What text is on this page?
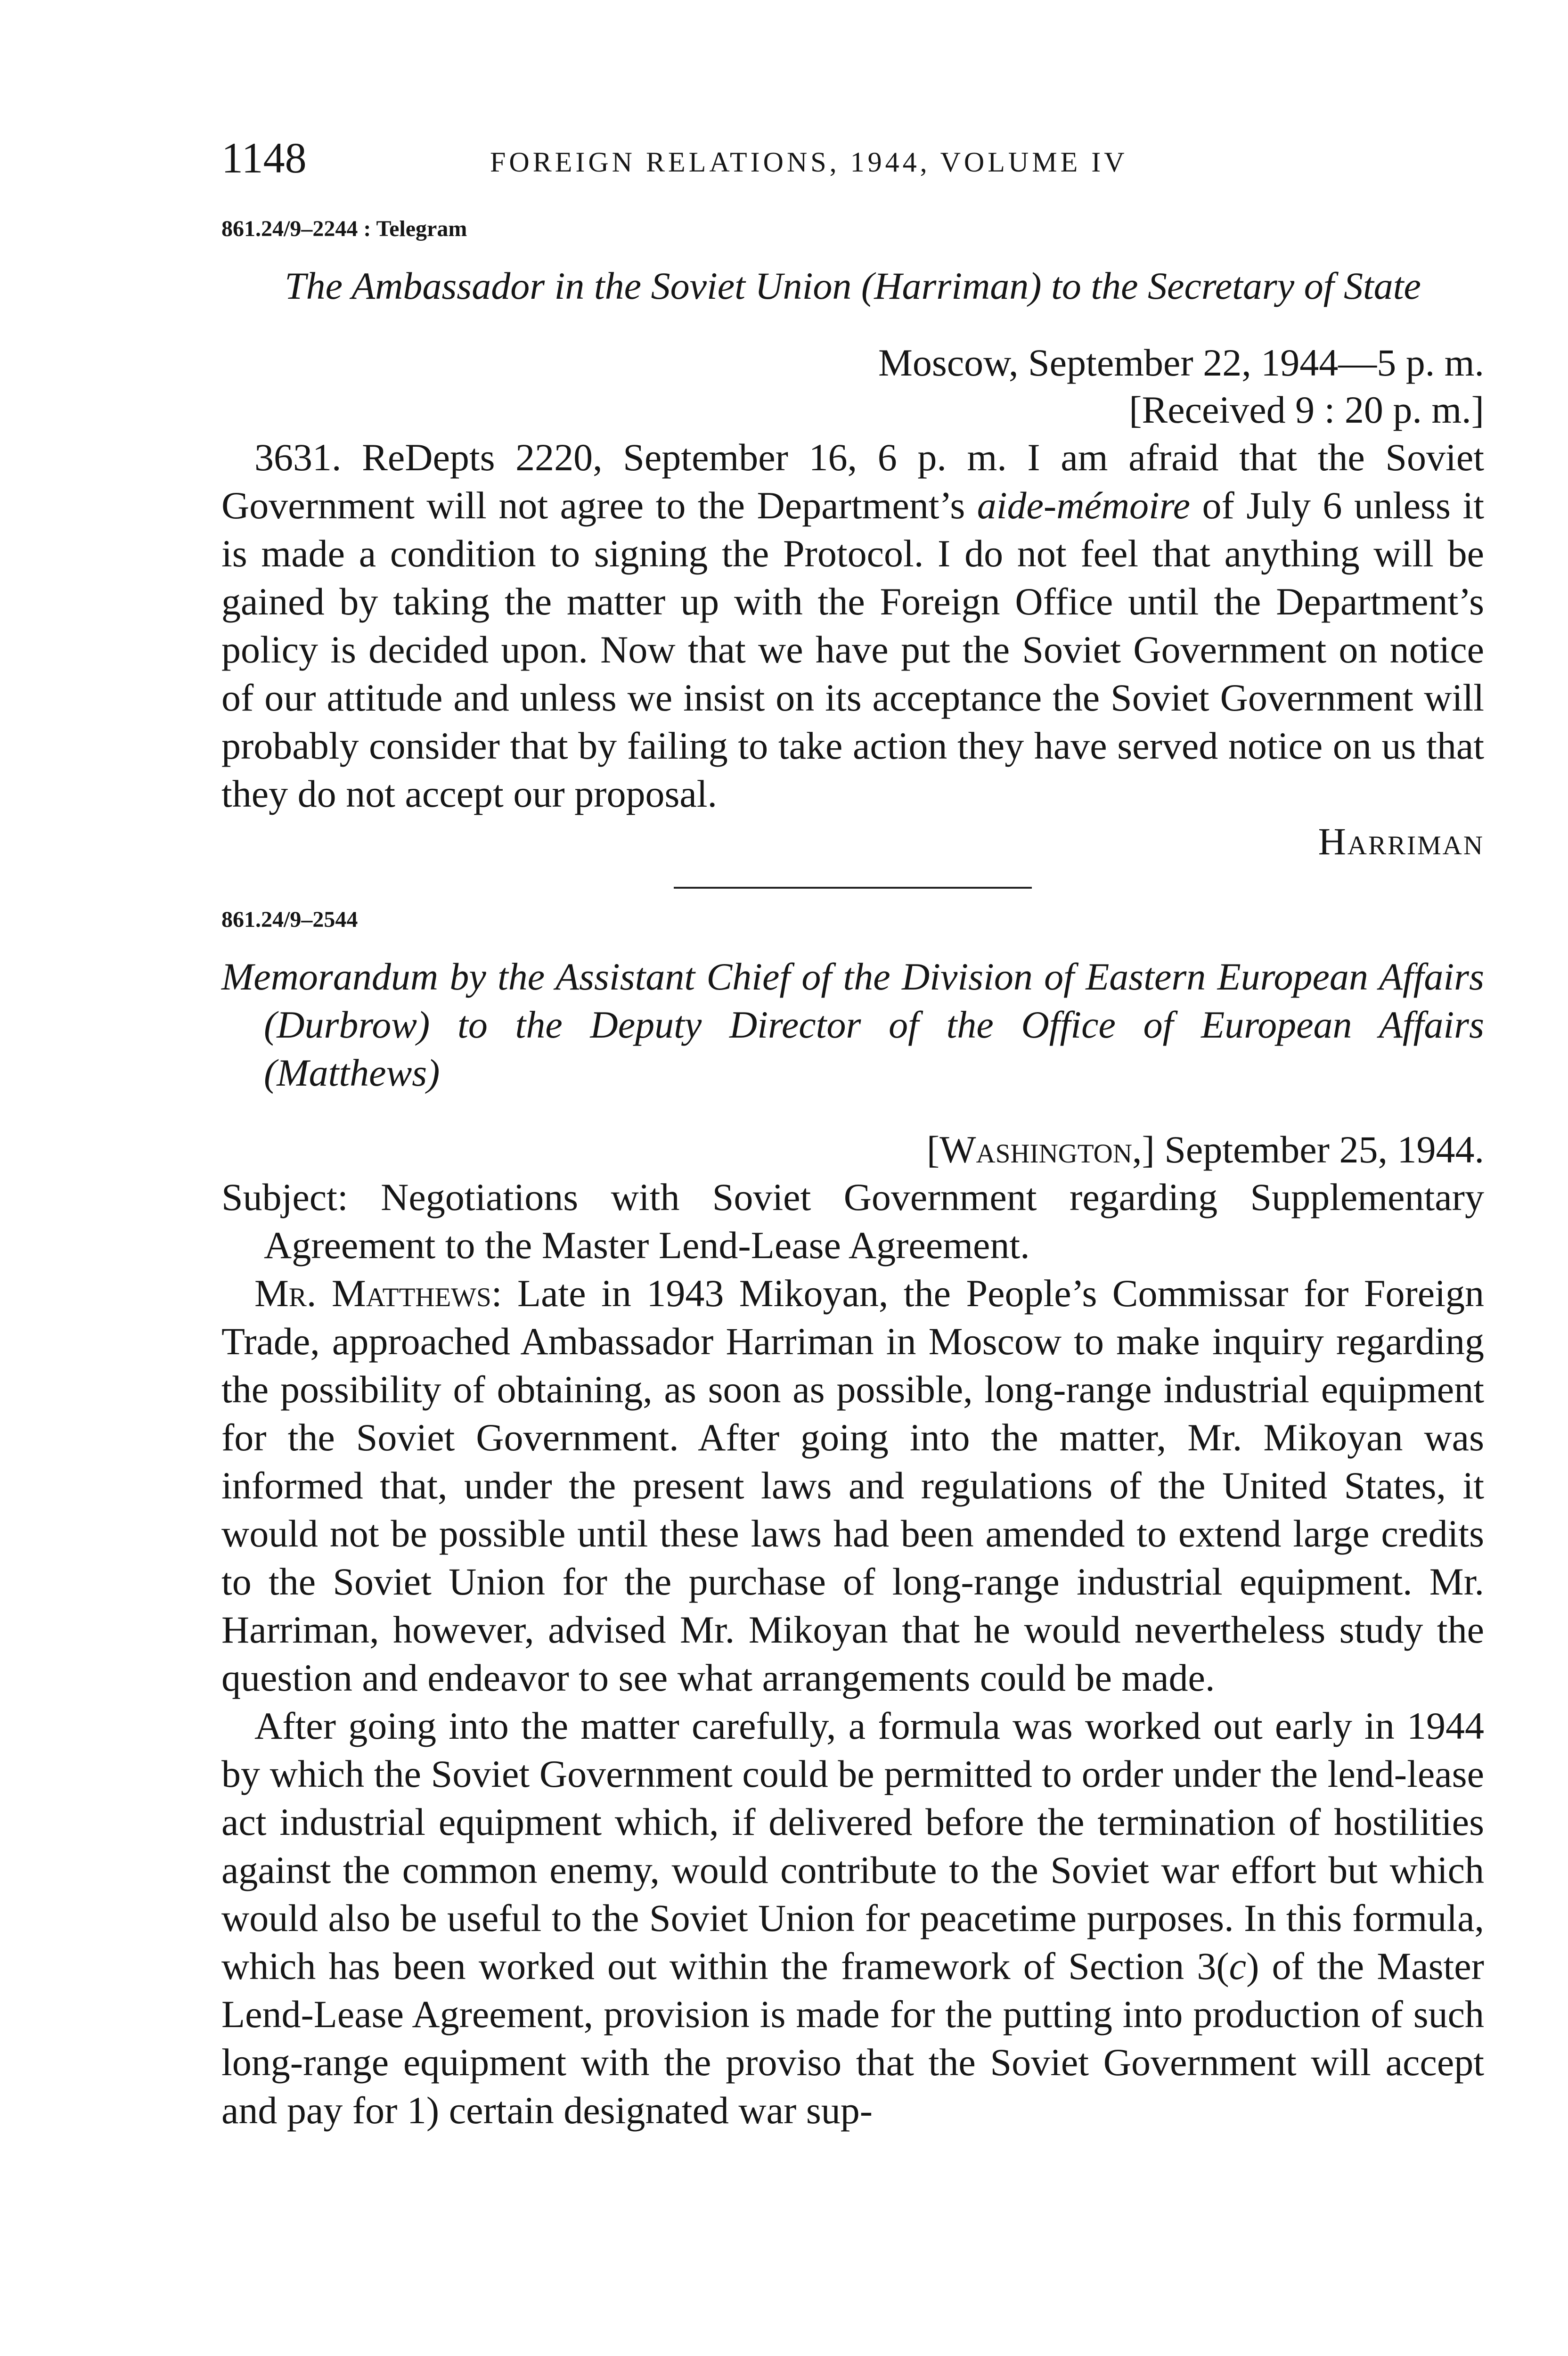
1148	FOREIGN RELATIONS, 1944, VOLUME IV
861.24/9–2244 : Telegram
The Ambassador in the Soviet Union (Harriman) to the Secretary of State
Moscow, September 22, 1944—5 p. m.
[Received 9 : 20 p. m.]

3631. ReDepts 2220, September 16, 6 p. m. I am afraid that the Soviet Government will not agree to the Department’s aide-mémoire of July 6 unless it is made a condition to signing the Protocol. I do not feel that anything will be gained by taking the matter up with the Foreign Office until the Department’s policy is decided upon. Now that we have put the Soviet Government on notice of our attitude and unless we insist on its acceptance the Soviet Government will probably consider that by failing to take action they have served notice on us that they do not accept our proposal.

Harriman
861.24/9–2544
Memorandum by the Assistant Chief of the Division of Eastern European Affairs (Durbrow) to the Deputy Director of the Office of European Affairs (Matthews)
[Washington,] September 25, 1944.
Subject: Negotiations with Soviet Government regarding Supplementary Agreement to the Master Lend-Lease Agreement.

Mr. Matthews: Late in 1943 Mikoyan, the People’s Commissar for Foreign Trade, approached Ambassador Harriman in Moscow to make inquiry regarding the possibility of obtaining, as soon as possible, long-range industrial equipment for the Soviet Government. After going into the matter, Mr. Mikoyan was informed that, under the present laws and regulations of the United States, it would not be possible until these laws had been amended to extend large credits to the Soviet Union for the purchase of long-range industrial equipment. Mr. Harriman, however, advised Mr. Mikoyan that he would nevertheless study the question and endeavor to see what arrangements could be made.

After going into the matter carefully, a formula was worked out early in 1944 by which the Soviet Government could be permitted to order under the lend-lease act industrial equipment which, if delivered before the termination of hostilities against the common enemy, would contribute to the Soviet war effort but which would also be useful to the Soviet Union for peacetime purposes. In this formula, which has been worked out within the framework of Section 3(c) of the Master Lend-Lease Agreement, provision is made for the putting into production of such long-range equipment with the proviso that the Soviet Government will accept and pay for 1) certain designated war sup-
